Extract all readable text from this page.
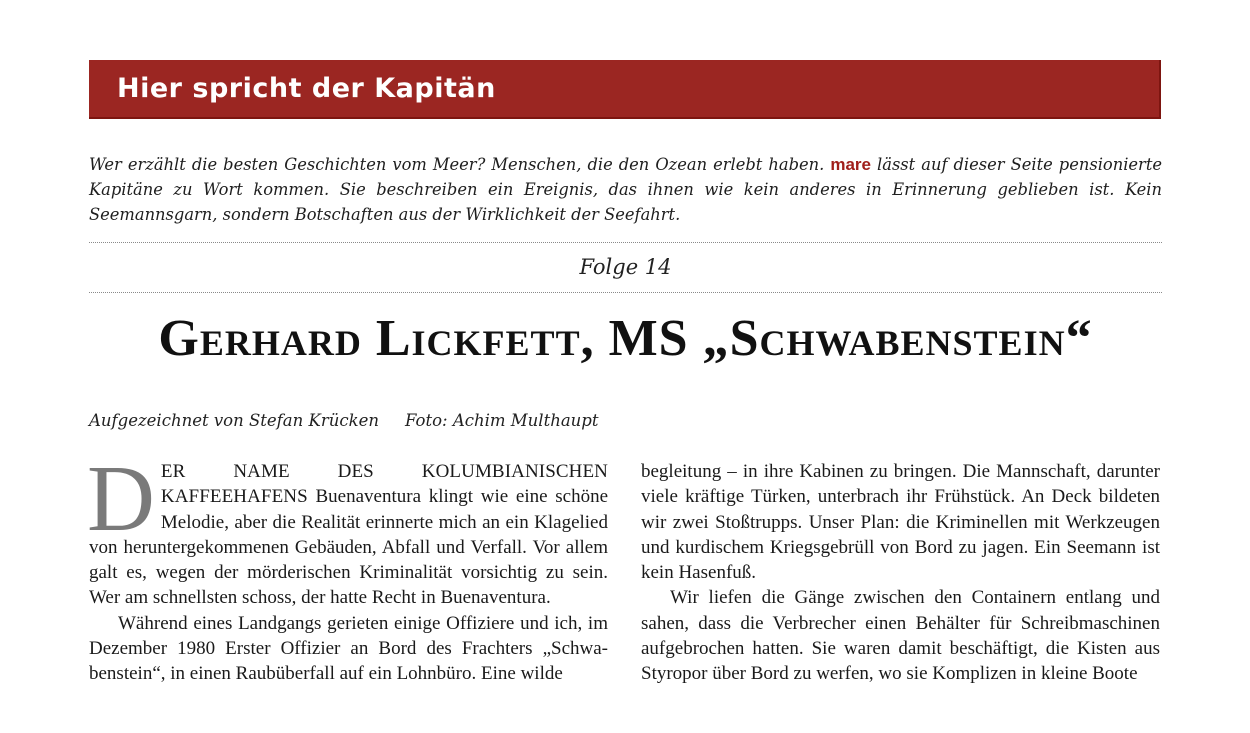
Hier spricht der Kapitän

Wer erzählt die besten Geschichten vom Meer? Menschen, die den Ozean erlebt haben. mare lässt auf dieser Seite pensionierte Kapitäne zu Wort kommen. Sie beschreiben ein Ereignis, das ihnen wie kein anderes in Erinnerung geblieben ist. Kein Seemannsgarn, sondern Botschaften aus der Wirklichkeit der Seefahrt.

Folge 14

Gerhard Lickfett, MS „Schwabenstein“

Aufgezeichnet von Stefan Krücken Foto: Achim Multhaupt

DER NAME DES KOLUMBIANISCHEN KAFFEEHAFENS Buenaventura klingt wie eine schöne Melodie, aber die Realität erinnerte mich an ein Klagelied von heruntergekommenen Gebäuden, Abfall und Verfall. Vor allem galt es, wegen der mörderischen Kriminalität vorsichtig zu sein. Wer am schnellsten schoss, der hatte Recht in Buenaventura.

Während eines Landgangs gerieten einige Offiziere und ich, im Dezember 1980 Erster Offizier an Bord des Frachters „Schwabenstein“, in einen Raubüberfall auf ein Lohnbüro. Eine wilde

begleitung – in ihre Kabinen zu bringen. Die Mannschaft, darunter viele kräftige Türken, unterbrach ihr Frühstück. An Deck bildeten wir zwei Stoßtrupps. Unser Plan: die Kriminellen mit Werkzeugen und kurdischem Kriegsgebrüll von Bord zu jagen. Ein Seemann ist kein Hasenfuß.

Wir liefen die Gänge zwischen den Containern entlang und sahen, dass die Verbrecher einen Behälter für Schreibmaschinen aufgebrochen hatten. Sie waren damit beschäftigt, die Kisten aus Styropor über Bord zu werfen, wo sie Komplizen in kleine Boote
